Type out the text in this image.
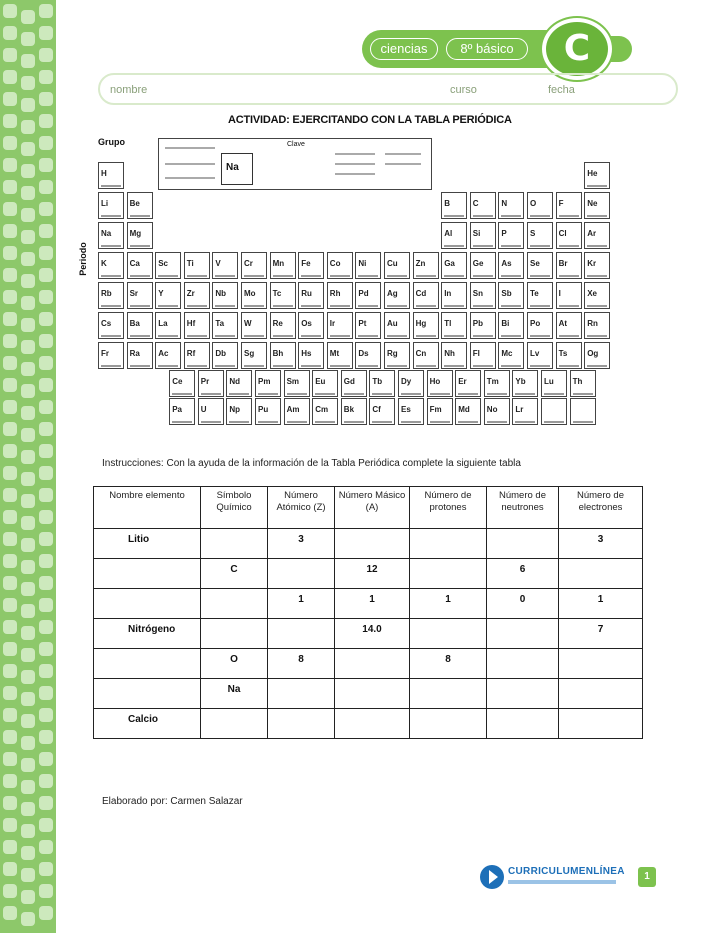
ciencias	8º básico	C
nombre	curso	fecha
ACTIVIDAD: EJERCITANDO CON LA TABLA PERIÓDICA
Grupo
Periodo
Clave
Na
H	He
Li	Be	B	C	N	O	F	Ne
Na Mg	Al	Si	P	S	Cl	Ar
K	Ca Sc Ti	V	Cr Mn Fe Co Ni	Cu Zn Ga Ge As Se Br Kr
Rb Sr	Y	Zr	Nb Mo Tc Ru Rh Pd Ag Cd In	Sn Sb Te I	Xe
Cs Ba La Hf	Ta W	Re Os Ir	Pt	Au Hg Tl	Pb Bi	Po At	Rn
Fr	Ra Ac Rf	Db Sg Bh Hs Mt Ds Rg Cn Nh Fl	Mc Lv Ts Og
Ce Pr	Nd Pm Sm Eu Gd Tb Dy Ho Er	Tm Yb Lu Th
Pa U	Np Pu Am Cm Bk Cf	Es Fm Md No Lr
Instrucciones: Con la ayuda de la información de la Tabla Periódica complete la siguiente tabla
Nombre elemento	Símbolo Químico	Número Atómico (Z)	Número Másico (A)	Número de protones	Número de neutrones	Número de electrones
Litio		3				3
	C		12		6	
		1	1	1	0	1
Nitrógeno			14.0			7
	O	8		8		
	Na					
Calcio						
Elaborado por: Carmen Salazar
CURRICULUMENLÍNEA	1
